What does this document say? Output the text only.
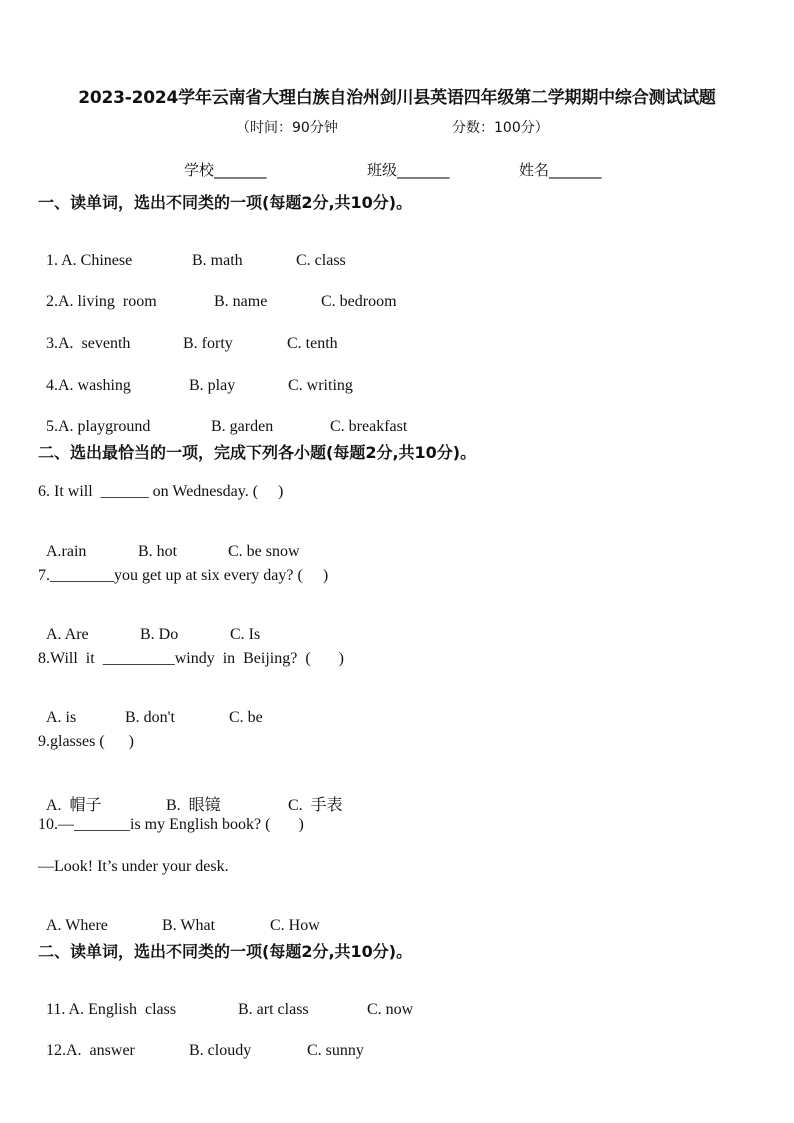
2023-2024学年云南省大理白族自治州剑川县英语四年级第二学期期中综合测试试题
（时间：90分钟	分数：100分）
学校_______	班级_______	姓名_______
一、读单词，选出不同类的一项(每题2分,共10分)。

1. A. Chinese	B. math	C. class

2.A. living  room	B. name	C. bedroom

3.A.  seventh	B. forty	C. tenth

4.A. washing	B. play	C. writing

5.A. playground	B. garden	C. breakfast

二、选出最恰当的一项，完成下列各小题(每题2分,共10分)。
6. It will  ______ on Wednesday. (     )

A.rain	B. hot	C. be snow

7.________you get up at six every day? (     )

A. Are	B. Do	C. Is

8.Will  it  _________windy  in  Beijing?  (       )

A. is	B. don't	C. be

9.glasses (      )

A.  帽子	B.  眼镜	C.  手表

10.—_______is my English book? (       )
—Look! It’s under your desk.

A. Where	B. What	C. How

二、读单词，选出不同类的一项(每题2分,共10分)。

11. A. English  class	B. art class	C. now

12.A.  answer	B. cloudy	C. sunny
